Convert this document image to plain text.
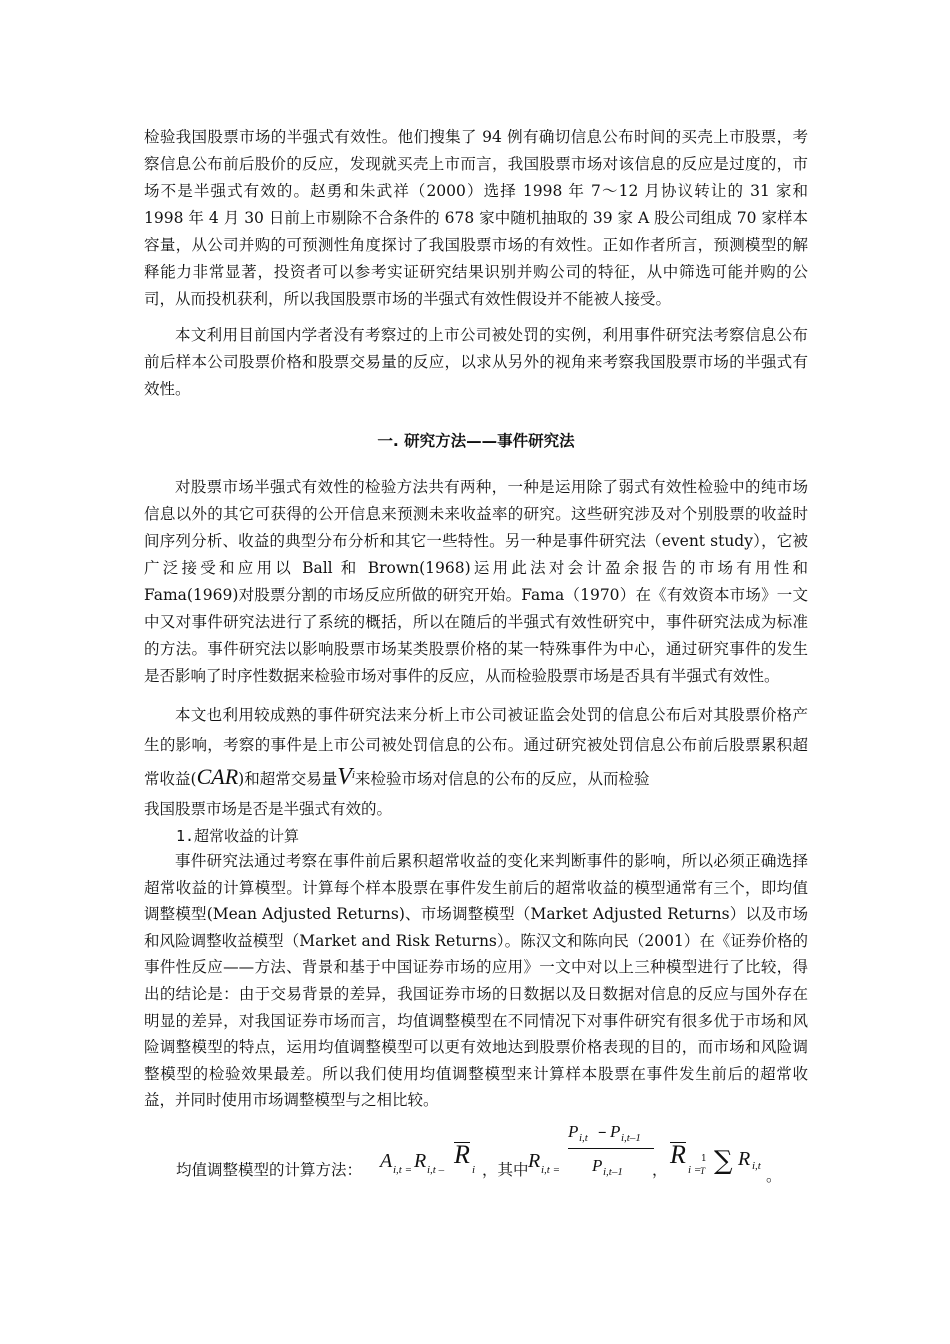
检验我国股票市场的半强式有效性。他们搜集了 94 例有确切信息公布时间的买壳上市股票，考察信息公布前后股价的反应，发现就买壳上市而言，我国股票市场对该信息的反应是过度的，市场不是半强式有效的。赵勇和朱武祥（2000）选择 1998 年 7～12 月协议转让的 31 家和 1998 年 4 月 30 日前上市剔除不合条件的 678 家中随机抽取的 39 家 A 股公司组成 70 家样本容量，从公司并购的可预测性角度探讨了我国股票市场的有效性。正如作者所言，预测模型的解释能力非常显著，投资者可以参考实证研究结果识别并购公司的特征，从中筛选可能并购的公司，从而投机获利，所以我国股票市场的半强式有效性假设并不能被人接受。

本文利用目前国内学者没有考察过的上市公司被处罚的实例，利用事件研究法考察信息公布前后样本公司股票价格和股票交易量的反应，以求从另外的视角来考察我国股票市场的半强式有效性。

一. 研究方法——事件研究法

对股票市场半强式有效性的检验方法共有两种，一种是运用除了弱式有效性检验中的纯市场信息以外的其它可获得的公开信息来预测未来收益率的研究。这些研究涉及对个别股票的收益时间序列分析、收益的典型分布分析和其它一些特性。另一种是事件研究法（event study），它被广泛接受和应用以 Ball 和 Brown(1968)运用此法对会计盈余报告的市场有用性和 Fama(1969)对股票分割的市场反应所做的研究开始。Fama（1970）在《有效资本市场》一文中又对事件研究法进行了系统的概括，所以在随后的半强式有效性研究中，事件研究法成为标准的方法。事件研究法以影响股票市场某类股票价格的某一特殊事件为中心，通过研究事件的发生是否影响了时序性数据来检验市场对事件的反应，从而检验股票市场是否具有半强式有效性。

本文也利用较成熟的事件研究法来分析上市公司被证监会处罚的信息公布后对其股票价格产生的影响，考察的事件是上市公司被处罚信息的公布。通过研究被处罚信息公布前后股票累积超常收益(CAR)和超常交易量$V^i$来检验市场对信息的公布的反应，从而检验

我国股票市场是否是半强式有效的。

1.超常收益的计算

事件研究法通过考察在事件前后累积超常收益的变化来判断事件的影响，所以必须正确选择超常收益的计算模型。计算每个样本股票在事件发生前后的超常收益的模型通常有三个，即均值调整模型(Mean Adjusted Returns)、市场调整模型（Market Adjusted Returns）以及市场和风险调整收益模型（Market and Risk Returns）。陈汉文和陈向民（2001）在《证券价格的事件性反应——方法、背景和基于中国证券市场的应用》一文中对以上三种模型进行了比较，得出的结论是：由于交易背景的差异，我国证券市场的日数据以及日数据对信息的反应与国外存在明显的差异，对我国证券市场而言，均值调整模型在不同情况下对事件研究有很多优于市场和风险调整模型的特点，运用均值调整模型可以更有效地达到股票价格表现的目的，而市场和风险调整模型的检验效果最差。所以我们使用均值调整模型来计算样本股票在事件发生前后的超常收益，并同时使用市场调整模型与之相比较。

均值调整模型的计算方法： A i,t = R i,t –
R
i ，其中 R i,t =
P i,t – P i,t–1
P i,t–1 ，
R
i =
1
T ∑ R i,t
。
